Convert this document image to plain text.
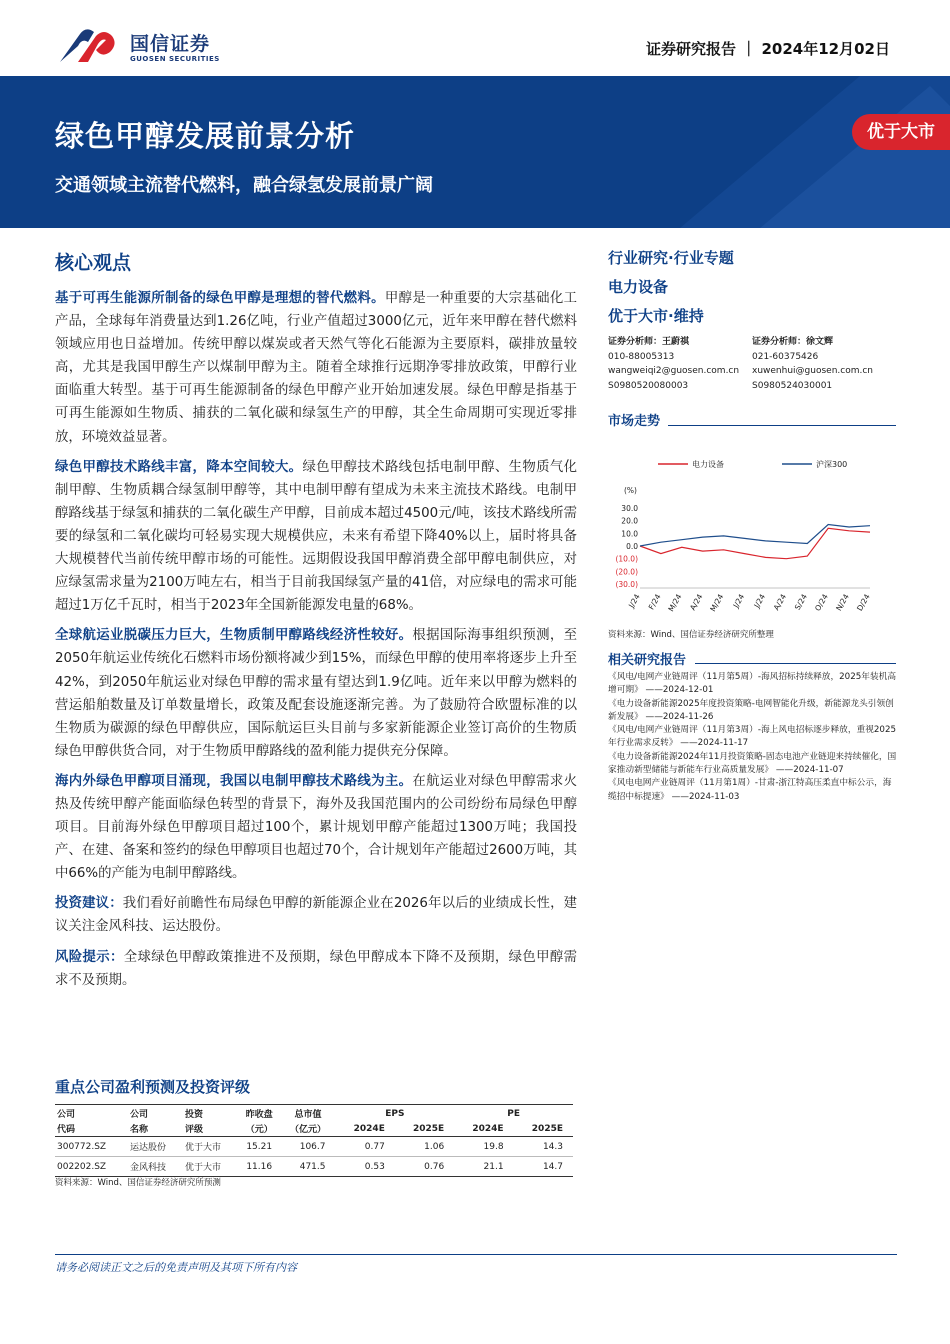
国信证券
GUOSEN SECURITIES
证券研究报告 ｜ 2024年12月02日
绿色甲醇发展前景分析
交通领域主流替代燃料，融合绿氢发展前景广阔
优于大市
核心观点

基于可再生能源所制备的绿色甲醇是理想的替代燃料。甲醇是一种重要的大宗基础化工产品，全球每年消费量达到1.26亿吨，行业产值超过3000亿元，近年来甲醇在替代燃料领域应用也日益增加。传统甲醇以煤炭或者天然气等化石能源为主要原料，碳排放量较高，尤其是我国甲醇生产以煤制甲醇为主。随着全球推行远期净零排放政策，甲醇行业面临重大转型。基于可再生能源制备的绿色甲醇产业开始加速发展。绿色甲醇是指基于可再生能源如生物质、捕获的二氧化碳和绿氢生产的甲醇，其全生命周期可实现近零排放，环境效益显著。

绿色甲醇技术路线丰富，降本空间较大。绿色甲醇技术路线包括电制甲醇、生物质气化制甲醇、生物质耦合绿氢制甲醇等，其中电制甲醇有望成为未来主流技术路线。电制甲醇路线基于绿氢和捕获的二氧化碳生产甲醇，目前成本超过4500元/吨，该技术路线所需要的绿氢和二氧化碳均可轻易实现大规模供应，未来有希望下降40%以上，届时将具备大规模替代当前传统甲醇市场的可能性。远期假设我国甲醇消费全部甲醇电制供应，对应绿氢需求量为2100万吨左右，相当于目前我国绿氢产量的41倍，对应绿电的需求可能超过1万亿千瓦时，相当于2023年全国新能源发电量的68%。

全球航运业脱碳压力巨大，生物质制甲醇路线经济性较好。根据国际海事组织预测，至2050年航运业传统化石燃料市场份额将减少到15%，而绿色甲醇的使用率将逐步上升至42%，到2050年航运业对绿色甲醇的需求量有望达到1.9亿吨。近年来以甲醇为燃料的营运船舶数量及订单数量增长，政策及配套设施逐渐完善。为了鼓励符合欧盟标准的以生物质为碳源的绿色甲醇供应，国际航运巨头目前与多家新能源企业签订高价的生物质绿色甲醇供货合同，对于生物质甲醇路线的盈利能力提供充分保障。

海内外绿色甲醇项目涌现，我国以电制甲醇技术路线为主。在航运业对绿色甲醇需求火热及传统甲醇产能面临绿色转型的背景下，海外及我国范围内的公司纷纷布局绿色甲醇项目。目前海外绿色甲醇项目超过100个，累计规划甲醇产能超过1300万吨；我国投产、在建、备案和签约的绿色甲醇项目也超过70个，合计规划年产能超过2600万吨，其中66%的产能为电制甲醇路线。

投资建议：我们看好前瞻性布局绿色甲醇的新能源企业在2026年以后的业绩成长性，建议关注金风科技、运达股份。

风险提示：全球绿色甲醇政策推进不及预期，绿色甲醇成本下降不及预期，绿色甲醇需求不及预期。

重点公司盈利预测及投资评级
公司	公司	投资	昨收盘	总市值	EPS		PE	
代码	名称	评级	（元）	（亿元）	2024E	2025E	2024E	2025E
300772.SZ	运达股份	优于大市	15.21	106.7	0.77	1.06	19.8	14.3
002202.SZ	金风科技	优于大市	11.16	471.5	0.53	0.76	21.1	14.7
资料来源：Wind、国信证券经济研究所预测
行业研究·行业专题
电力设备
优于大市·维持
证券分析师：王蔚祺
010-88005313
wangweiqi2@guosen.com.cn
S0980520080003
证券分析师：徐文辉
021-60375426
xuwenhui@guosen.com.cn
S0980524030001
市场走势
电力设备	沪深300
(%)
30.0
20.0
10.0
0.0
(10.0)
(20.0)
(30.0)
J/24 F/24 M/24 A/24 M/24 J/24 J/24 A/24 S/24 O/24 N/24 D/24
资料来源：Wind、国信证券经济研究所整理
相关研究报告
《风电/电网产业链周评（11月第5周）-海风招标持续释放，2025年装机高增可期》 ——2024-12-01
《电力设备新能源2025年度投资策略-电网智能化升级，新能源龙头引领创新发展》 ——2024-11-26
《风电/电网产业链周评（11月第3周）-海上风电招标逐步释放，重视2025年行业需求反转》 ——2024-11-17
《电力设备新能源2024年11月投资策略-固态电池产业链迎来持续催化，国家推动新型储能与新能车行业高质量发展》 ——2024-11-07
《风电电网产业链周评（11月第1周）-甘肃-浙江特高压柔直中标公示，海缆招中标提速》 ——2024-11-03
请务必阅读正文之后的免责声明及其项下所有内容
